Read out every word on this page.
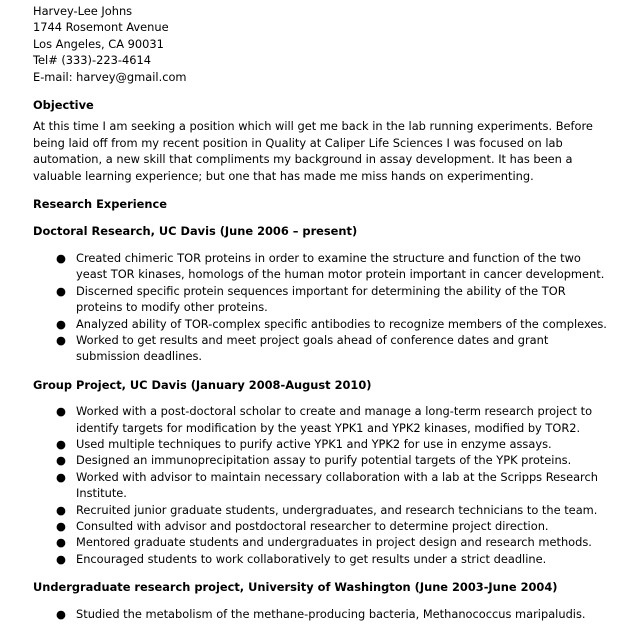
Harvey-Lee Johns
1744 Rosemont Avenue
Los Angeles, CA 90031
Tel# (333)-223-4614
E-mail: harvey@gmail.com
Objective
At this time I am seeking a position which will get me back in the lab running experiments. Before being laid off from my recent position in Quality at Caliper Life Sciences I was focused on lab automation, a new skill that compliments my background in assay development. It has been a valuable learning experience; but one that has made me miss hands on experimenting.
Research Experience
Doctoral Research, UC Davis (June 2006 – present)
● Created chimeric TOR proteins in order to examine the structure and function of the two yeast TOR kinases, homologs of the human motor protein important in cancer development.
● Discerned specific protein sequences important for determining the ability of the TOR proteins to modify other proteins.
● Analyzed ability of TOR-complex specific antibodies to recognize members of the complexes.
● Worked to get results and meet project goals ahead of conference dates and grant submission deadlines.
Group Project, UC Davis (January 2008-August 2010)
● Worked with a post-doctoral scholar to create and manage a long-term research project to identify targets for modification by the yeast YPK1 and YPK2 kinases, modified by TOR2.
● Used multiple techniques to purify active YPK1 and YPK2 for use in enzyme assays.
● Designed an immunoprecipitation assay to purify potential targets of the YPK proteins.
● Worked with advisor to maintain necessary collaboration with a lab at the Scripps Research Institute.
● Recruited junior graduate students, undergraduates, and research technicians to the team.
● Consulted with advisor and postdoctoral researcher to determine project direction.
● Mentored graduate students and undergraduates in project design and research methods.
● Encouraged students to work collaboratively to get results under a strict deadline.
Undergraduate research project, University of Washington (June 2003-June 2004)
● Studied the metabolism of the methane-producing bacteria, Methanococcus maripaludis.
